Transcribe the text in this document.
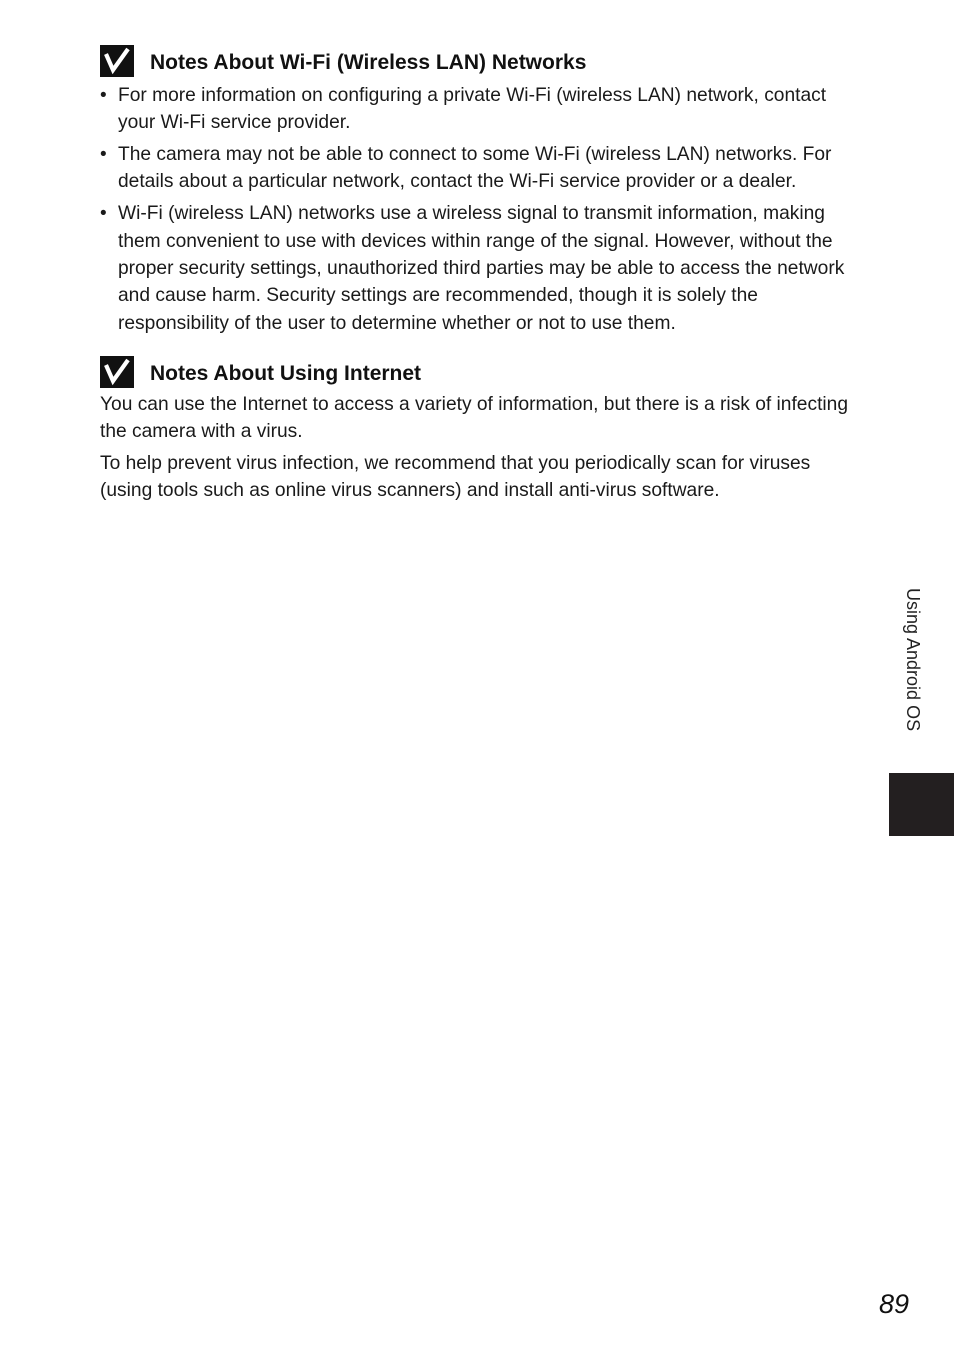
Notes About Wi-Fi (Wireless LAN) Networks
• For more information on configuring a private Wi-Fi (wireless LAN) network, contact your Wi-Fi service provider.
• The camera may not be able to connect to some Wi-Fi (wireless LAN) networks. For details about a particular network, contact the Wi-Fi service provider or a dealer.
• Wi-Fi (wireless LAN) networks use a wireless signal to transmit information, making them convenient to use with devices within range of the signal. However, without the proper security settings, unauthorized third parties may be able to access the network and cause harm. Security settings are recommended, though it is solely the responsibility of the user to determine whether or not to use them.
Notes About Using Internet

You can use the Internet to access a variety of information, but there is a risk of infecting the camera with a virus.

To help prevent virus infection, we recommend that you periodically scan for viruses (using tools such as online virus scanners) and install anti-virus software.

Using Android OS
89
